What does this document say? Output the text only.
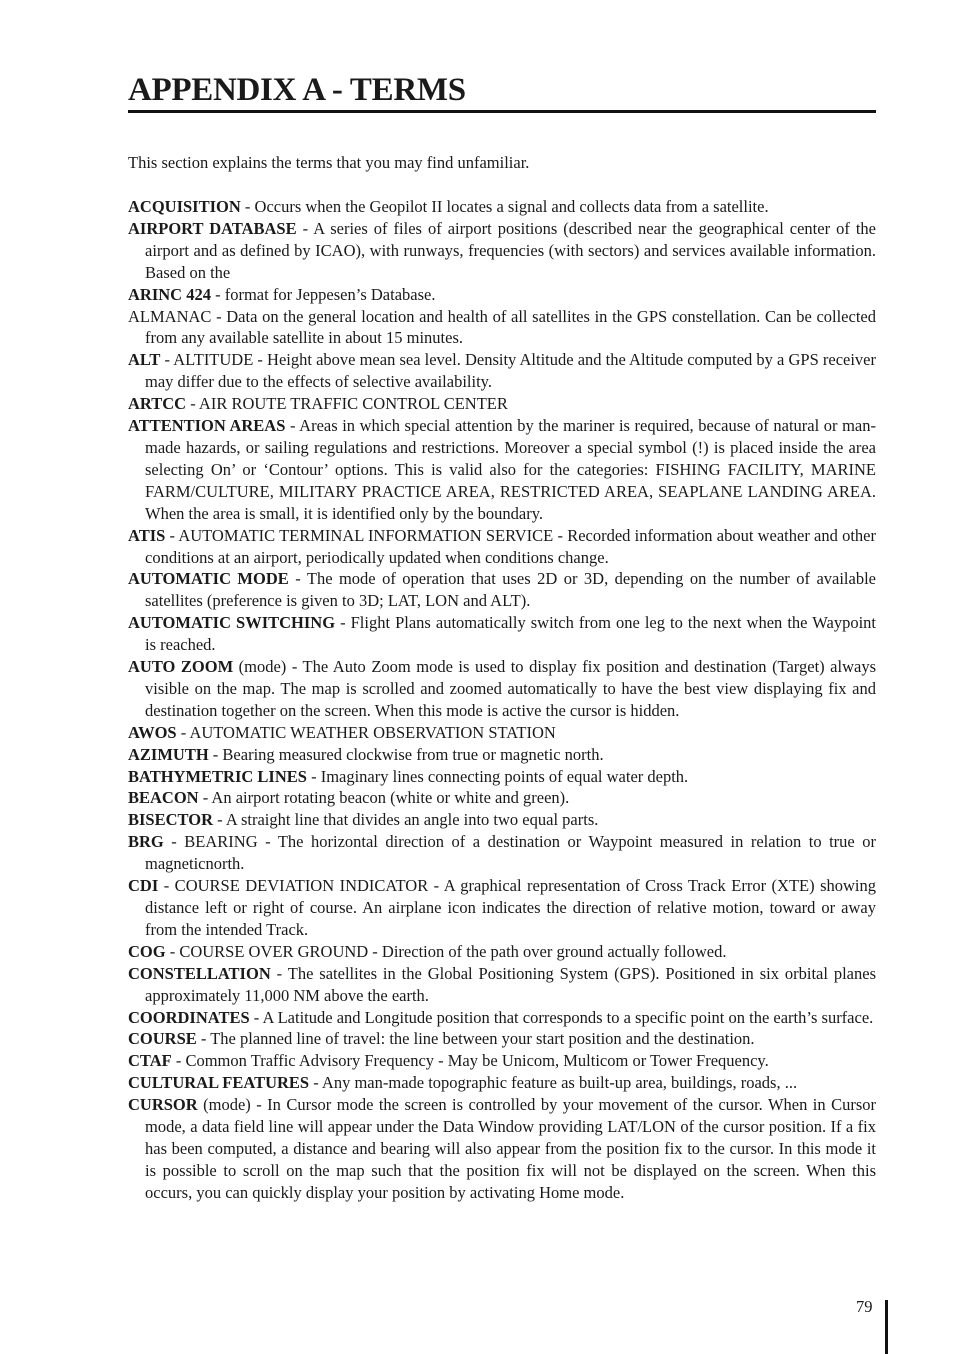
APPENDIX A - TERMS

This section explains the terms that you may find unfamiliar.

ACQUISITION - Occurs when the Geopilot II locates a signal and collects data from a satellite.

AIRPORT DATABASE - A series of files of airport positions (described near the geographical center of the airport and as defined by ICAO), with runways, frequencies (with sectors) and services available information. Based on the

ARINC 424 - format for Jeppesen’s Database.

ALMANAC - Data on the general location and health of all satellites in the GPS constellation. Can be collected from any available satellite in about 15 minutes.

ALT - ALTITUDE - Height above mean sea level. Density Altitude and the Altitude computed by a GPS receiver may differ due to the effects of selective availability.

ARTCC - AIR ROUTE TRAFFIC CONTROL CENTER

ATTENTION AREAS - Areas in which special attention by the mariner is required, because of natural or man-made hazards, or sailing regulations and restrictions. Moreover a special symbol (!) is placed inside the area selecting On’ or ‘Contour’ options. This is valid also for the categories: FISHING FACILITY, MARINE FARM/CULTURE, MILITARY PRACTICE AREA, RESTRICTED AREA, SEAPLANE LANDING AREA. When the area is small, it is identified only by the boundary.

ATIS - AUTOMATIC TERMINAL INFORMATION SERVICE - Recorded information about weather and other conditions at an airport, periodically updated when conditions change.

AUTOMATIC MODE - The mode of operation that uses 2D or 3D, depending on the number of available satellites (preference is given to 3D; LAT, LON and ALT).

AUTOMATIC SWITCHING - Flight Plans automatically switch from one leg to the next when the Waypoint is reached.

AUTO ZOOM (mode) - The Auto Zoom mode is used to display fix position and destination (Target) always visible on the map. The map is scrolled and zoomed automatically to have the best view displaying fix and destination together on the screen. When this mode is active the cursor is hidden.

AWOS - AUTOMATIC WEATHER OBSERVATION STATION

AZIMUTH - Bearing measured clockwise from true or magnetic north.

BATHYMETRIC LINES - Imaginary lines connecting points of equal water depth.

BEACON - An airport rotating beacon (white or white and green).

BISECTOR - A straight line that divides an angle into two equal parts.

BRG - BEARING - The horizontal direction of a destination or Waypoint measured in relation to true or magneticnorth.

CDI - COURSE DEVIATION INDICATOR - A graphical representation of Cross Track Error (XTE) showing distance left or right of course. An airplane icon indicates the direction of relative motion, toward or away from the intended Track.

COG - COURSE OVER GROUND - Direction of the path over ground actually followed.

CONSTELLATION - The satellites in the Global Positioning System (GPS). Positioned in six orbital planes approximately 11,000 NM above the earth.

COORDINATES - A Latitude and Longitude position that corresponds to a specific point on the earth’s surface.

COURSE - The planned line of travel: the line between your start position and the destination.

CTAF - Common Traffic Advisory Frequency - May be Unicom, Multicom or Tower Frequency.

CULTURAL FEATURES - Any man-made topographic feature as built-up area, buildings, roads, ...

CURSOR (mode) - In Cursor mode the screen is controlled by your movement of the cursor. When in Cursor mode, a data field line will appear under the Data Window providing LAT/LON of the cursor position. If a fix has been computed, a distance and bearing will also appear from the position fix to the cursor. In this mode it is possible to scroll on the map such that the position fix will not be displayed on the screen. When this occurs, you can quickly display your position by activating Home mode.

79
